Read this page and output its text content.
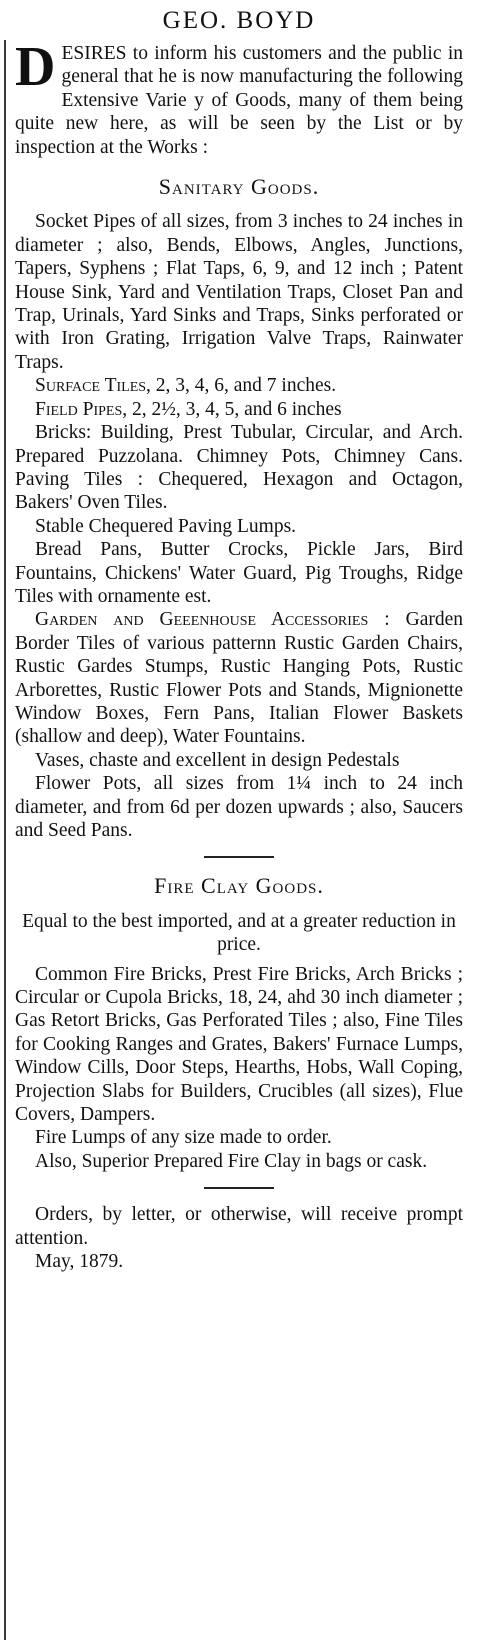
GEO. BOYD
D ESIRES to inform his customers and the public in general that he is now manufacturing the following Extensive Varie y of Goods, many of them being quite new here, as will be seen by the List or by inspection at the Works :
Sanitary Goods.

Socket Pipes of all sizes, from 3 inches to 24 inches in diameter ; also, Bends, Elbows, Angles, Junctions, Tapers, Syphens ; Flat Taps, 6, 9, and 12 inch ; Patent House Sink, Yard and Ventilation Traps, Closet Pan and Trap, Urinals, Yard Sinks and Traps, Sinks perforated or with Iron Grating, Irrigation Valve Traps, Rainwater Traps.

Surface Tiles, 2, 3, 4, 6, and 7 inches.

Field Pipes, 2, 2½, 3, 4, 5, and 6 inches

Bricks: Building, Prest Tubular, Circular, and Arch. Prepared Puzzolana. Chimney Pots, Chimney Cans. Paving Tiles : Chequered, Hexagon and Octagon, Bakers' Oven Tiles.

Stable Chequered Paving Lumps.

Bread Pans, Butter Crocks, Pickle Jars, Bird Fountains, Chickens' Water Guard, Pig Troughs, Ridge Tiles with ornamente est.

Garden and Geeenhouse Accessories : Garden Border Tiles of various patternn Rustic Garden Chairs, Rustic Gardes Stumps, Rustic Hanging Pots, Rustic Arborettes, Rustic Flower Pots and Stands, Mignionette Window Boxes, Fern Pans, Italian Flower Baskets (shallow and deep), Water Fountains.

Vases, chaste and excellent in design Pedestals

Flower Pots, all sizes from 1¼ inch to 24 inch diameter, and from 6d per dozen upwards ; also, Saucers and Seed Pans.

Fire Clay Goods.

Equal to the best imported, and at a greater reduction in price.

Common Fire Bricks, Prest Fire Bricks, Arch Bricks ; Circular or Cupola Bricks, 18, 24, ahd 30 inch diameter ; Gas Retort Bricks, Gas Perforated Tiles ; also, Fine Tiles for Cooking Ranges and Grates, Bakers' Furnace Lumps, Window Cills, Door Steps, Hearths, Hobs, Wall Coping, Projection Slabs for Builders, Crucibles (all sizes), Flue Covers, Dampers.

Fire Lumps of any size made to order.

Also, Superior Prepared Fire Clay in bags or cask.

Orders, by letter, or otherwise, will receive prompt attention.

May, 1879.
